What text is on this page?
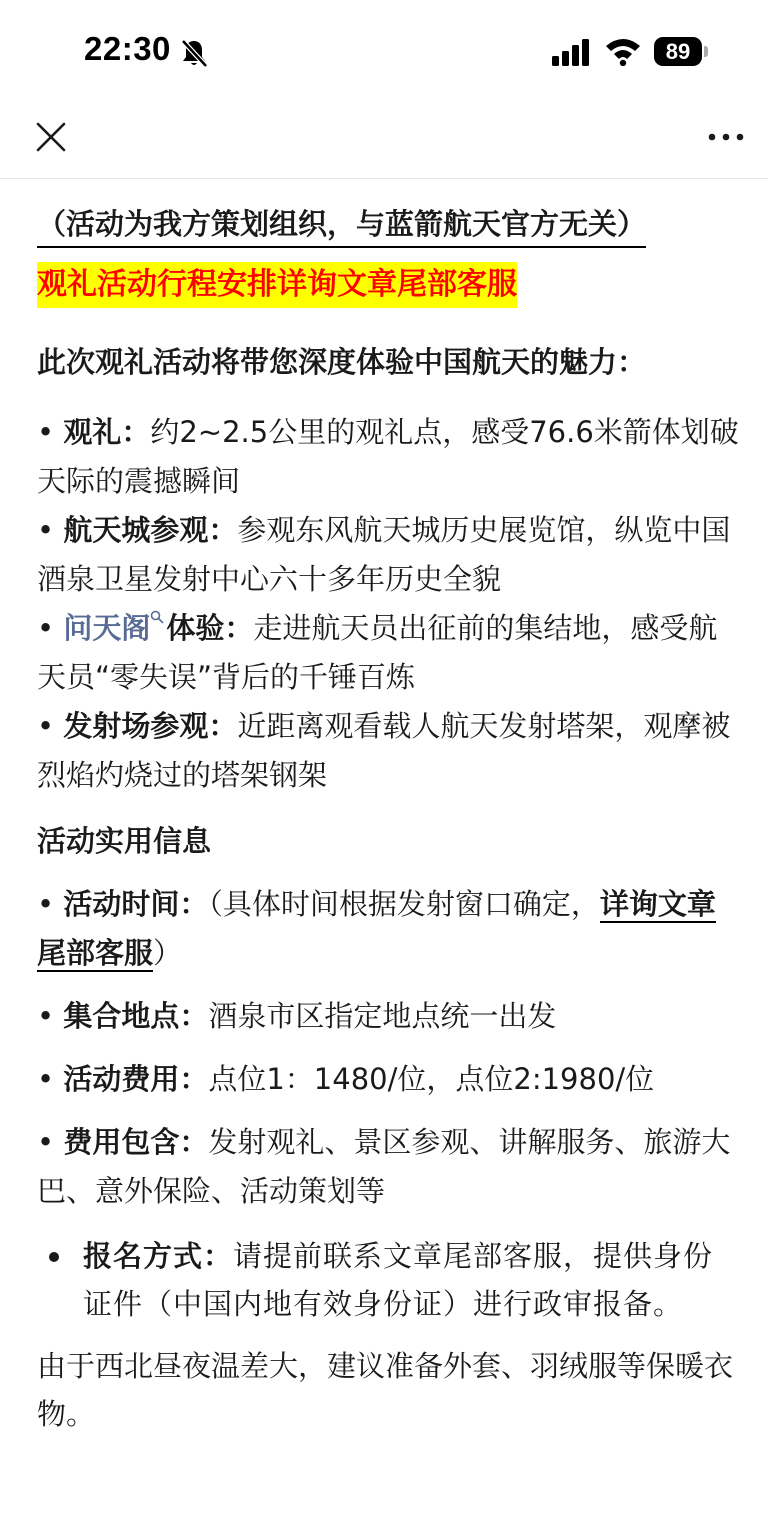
22:30	89

（活动为我方策划组织，与蓝箭航天官方无关）

观礼活动行程安排详询文章尾部客服

此次观礼活动将带您深度体验中国航天的魅力：

• 观礼：约2~2.5公里的观礼点，感受76.6米箭体划破天际的震撼瞬间

• 航天城参观：参观东风航天城历史展览馆，纵览中国酒泉卫星发射中心六十多年历史全貌

• 问天阁 体验：走进航天员出征前的集结地，感受航天员“零失误”背后的千锤百炼

• 发射场参观：近距离观看载人航天发射塔架，观摩被烈焰灼烧过的塔架钢架

活动实用信息

• 活动时间：（具体时间根据发射窗口确定，详询文章尾部客服）

• 集合地点：酒泉市区指定地点统一出发

• 活动费用：点位1：1480/位，点位2:1980/位

• 费用包含：发射观礼、景区参观、讲解服务、旅游大巴、意外保险、活动策划等

报名方式：请提前联系文章尾部客服，提供身份证件（中国内地有效身份证）进行政审报备。

由于西北昼夜温差大，建议准备外套、羽绒服等保暖衣物。
